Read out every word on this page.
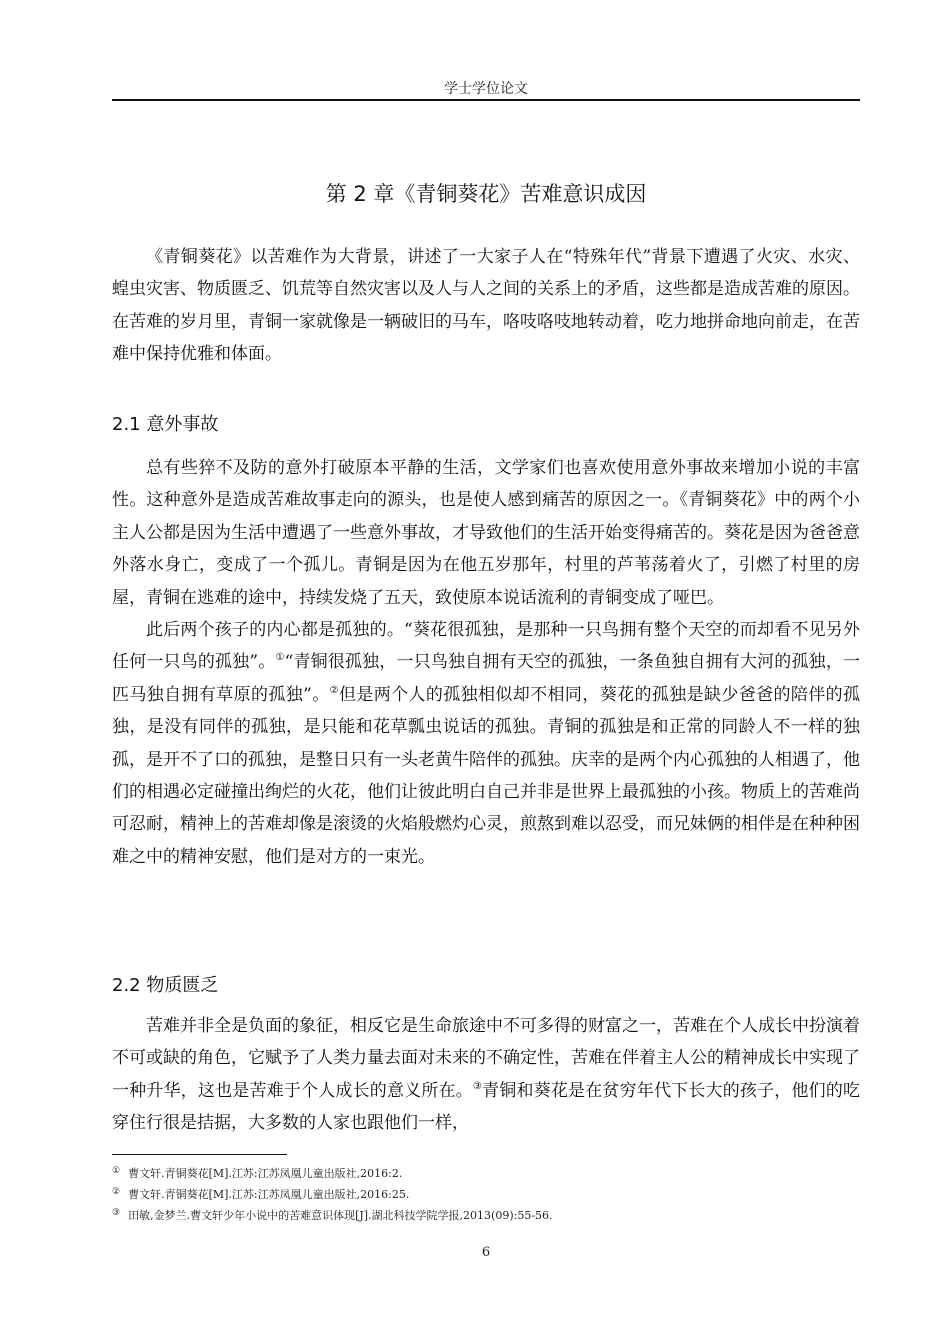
学士学位论文
第 2 章《青铜葵花》苦难意识成因

《青铜葵花》以苦难作为大背景，讲述了一大家子人在“特殊年代”背景下遭遇了火灾、水灾、蝗虫灾害、物质匮乏、饥荒等自然灾害以及人与人之间的关系上的矛盾，这些都是造成苦难的原因。在苦难的岁月里，青铜一家就像是一辆破旧的马车，咯吱咯吱地转动着，吃力地拼命地向前走，在苦难中保持优雅和体面。

2.1 意外事故

总有些猝不及防的意外打破原本平静的生活，文学家们也喜欢使用意外事故来增加小说的丰富性。这种意外是造成苦难故事走向的源头，也是使人感到痛苦的原因之一。《青铜葵花》中的两个小主人公都是因为生活中遭遇了一些意外事故，才导致他们的生活开始变得痛苦的。葵花是因为爸爸意外落水身亡，变成了一个孤儿。青铜是因为在他五岁那年，村里的芦苇荡着火了，引燃了村里的房屋，青铜在逃难的途中，持续发烧了五天，致使原本说话流利的青铜变成了哑巴。

此后两个孩子的内心都是孤独的。“葵花很孤独，是那种一只鸟拥有整个天空的而却看不见另外任何一只鸟的孤独”。①“青铜很孤独，一只鸟独自拥有天空的孤独，一条鱼独自拥有大河的孤独，一匹马独自拥有草原的孤独”。②但是两个人的孤独相似却不相同，葵花的孤独是缺少爸爸的陪伴的孤独，是没有同伴的孤独，是只能和花草瓢虫说话的孤独。青铜的孤独是和正常的同龄人不一样的独孤，是开不了口的孤独，是整日只有一头老黄牛陪伴的孤独。庆幸的是两个内心孤独的人相遇了，他们的相遇必定碰撞出绚烂的火花，他们让彼此明白自己并非是世界上最孤独的小孩。物质上的苦难尚可忍耐，精神上的苦难却像是滚烫的火焰般燃灼心灵，煎熬到难以忍受，而兄妹俩的相伴是在种种困难之中的精神安慰，他们是对方的一束光。

2.2 物质匮乏

苦难并非全是负面的象征，相反它是生命旅途中不可多得的财富之一，苦难在个人成长中扮演着不可或缺的角色，它赋予了人类力量去面对未来的不确定性，苦难在伴着主人公的精神成长中实现了一种升华，这也是苦难于个人成长的意义所在。③青铜和葵花是在贫穷年代下长大的孩子，他们的吃穿住行很是拮据，大多数的人家也跟他们一样，

① 曹文轩.青铜葵花[M].江苏:江苏凤凰儿童出版社,2016:2.

② 曹文轩.青铜葵花[M].江苏:江苏凤凰儿童出版社,2016:25.

③ 田敏,金梦兰.曹文轩少年小说中的苦难意识体现[J].湖北科技学院学报,2013(09):55-56.

6
